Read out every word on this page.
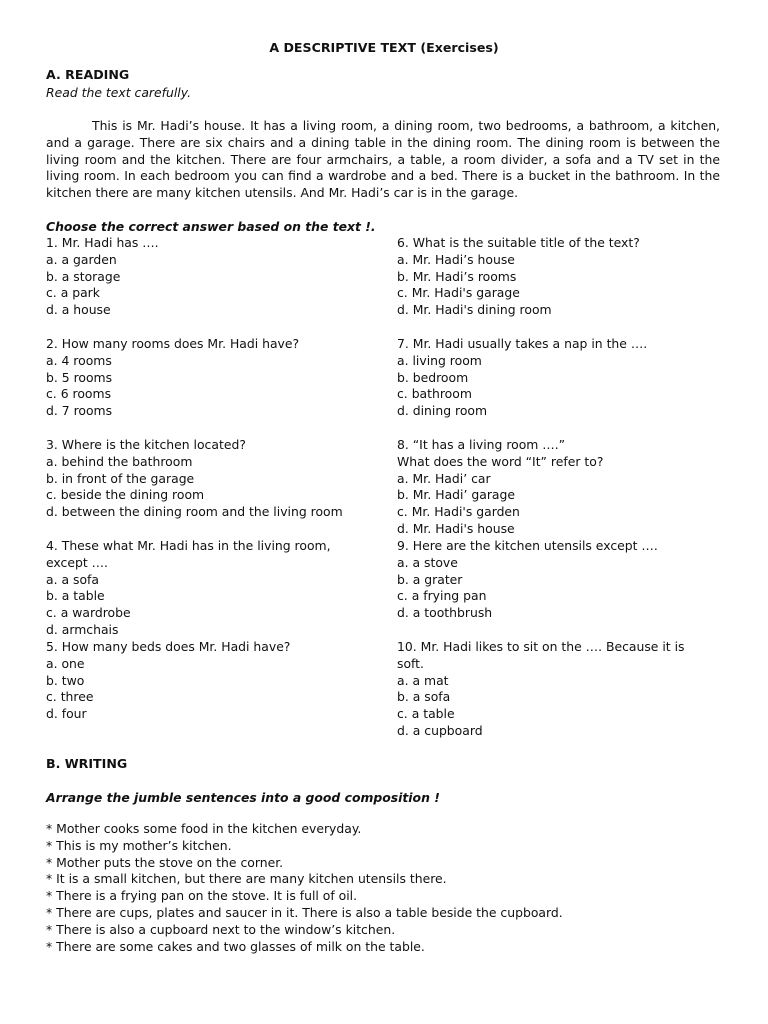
A DESCRIPTIVE TEXT (Exercises)
A. READING
Read the text carefully.

This is Mr. Hadi’s house. It has a living room, a dining room, two bedrooms, a bathroom, a kitchen, and a garage. There are six chairs and a dining table in the dining room. The dining room is between the living room and the kitchen. There are four armchairs, a table, a room divider, a sofa and a TV set in the living room. In each bedroom you can find a wardrobe and a bed. There is a bucket in the bathroom. In the kitchen there are many kitchen utensils. And Mr. Hadi’s car is in the garage.

Choose the correct answer based on the text !.
1. Mr. Hadi has ….
a. a garden
b. a storage
c. a park
d. a house
2. How many rooms does Mr. Hadi have?
a. 4 rooms
b. 5 rooms
c. 6 rooms
d. 7 rooms
3. Where is the kitchen located?
a. behind the bathroom
b. in front of the garage
c. beside the dining room
d. between the dining room and the living room
4. These what Mr. Hadi has in the living room,
except ….
a. a sofa
b. a table
c. a wardrobe
d. armchais
5. How many beds does Mr. Hadi have?
a. one
b. two
c. three
d. four
6. What is the suitable title of the text?
a. Mr. Hadi’s house
b. Mr. Hadi’s rooms
c. Mr. Hadi's garage
d. Mr. Hadi's dining room
7. Mr. Hadi usually takes a nap in the ….
a. living room
b. bedroom
c. bathroom
d. dining room
8. “It has a living room ….”
What does the word “It” refer to?
a. Mr. Hadi’ car
b. Mr. Hadi’ garage
c. Mr. Hadi's garden
d. Mr. Hadi's house
9. Here are the kitchen utensils except ….
a. a stove
b. a grater
c. a frying pan
d. a toothbrush
10. Mr. Hadi likes to sit on the …. Because it is
soft.
a. a mat
b. a sofa
c. a table
d. a cupboard
B. WRITING
Arrange the jumble sentences into a good composition !
* Mother cooks some food in the kitchen everyday.
* This is my mother’s kitchen.
* Mother puts the stove on the corner.
* It is a small kitchen, but there are many kitchen utensils there.
* There is a frying pan on the stove. It is full of oil.
* There are cups, plates and saucer in it. There is also a table beside the cupboard.
* There is also a cupboard next to the window’s kitchen.
* There are some cakes and two glasses of milk on the table.
